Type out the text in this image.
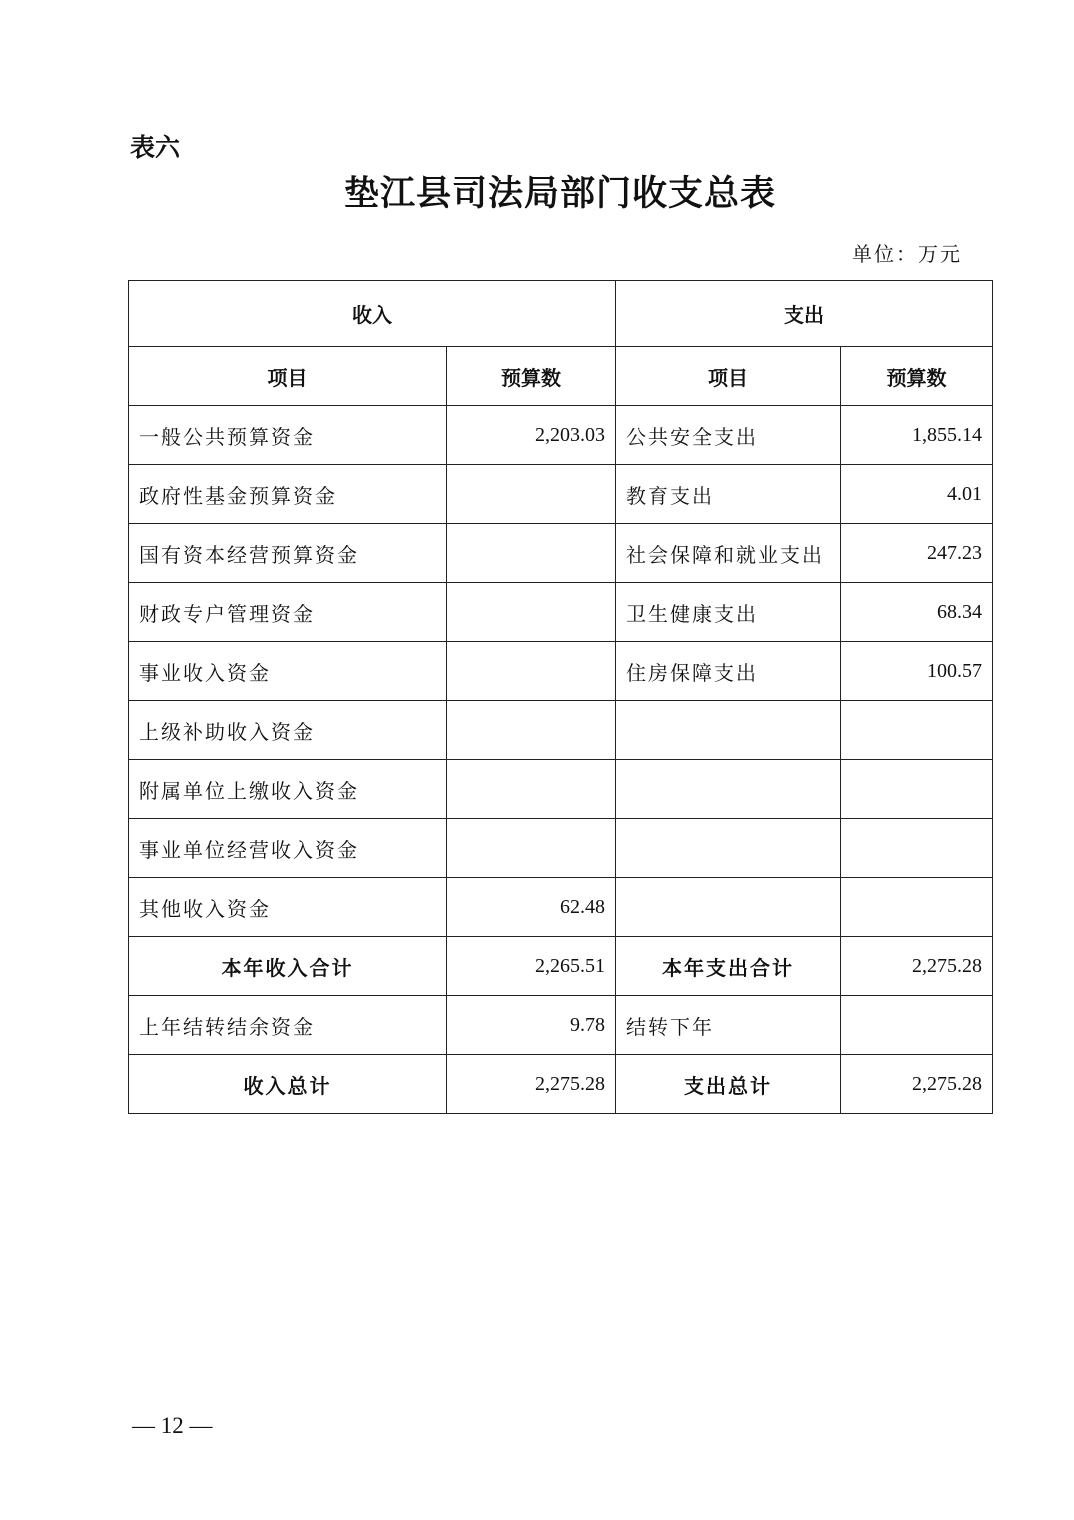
表六
垫江县司法局部门收支总表
单位：万元
收入		支出	
项目	预算数	项目	预算数
一般公共预算资金	2,203.03	公共安全支出	1,855.14
政府性基金预算资金		教育支出	4.01
国有资本经营预算资金		社会保障和就业支出	247.23
财政专户管理资金		卫生健康支出	68.34
事业收入资金		住房保障支出	100.57
上级补助收入资金			
附属单位上缴收入资金			
事业单位经营收入资金			
其他收入资金	62.48		
本年收入合计	2,265.51	本年支出合计	2,275.28
上年结转结余资金	9.78	结转下年	
收入总计	2,275.28	支出总计	2,275.28
— 12 —
